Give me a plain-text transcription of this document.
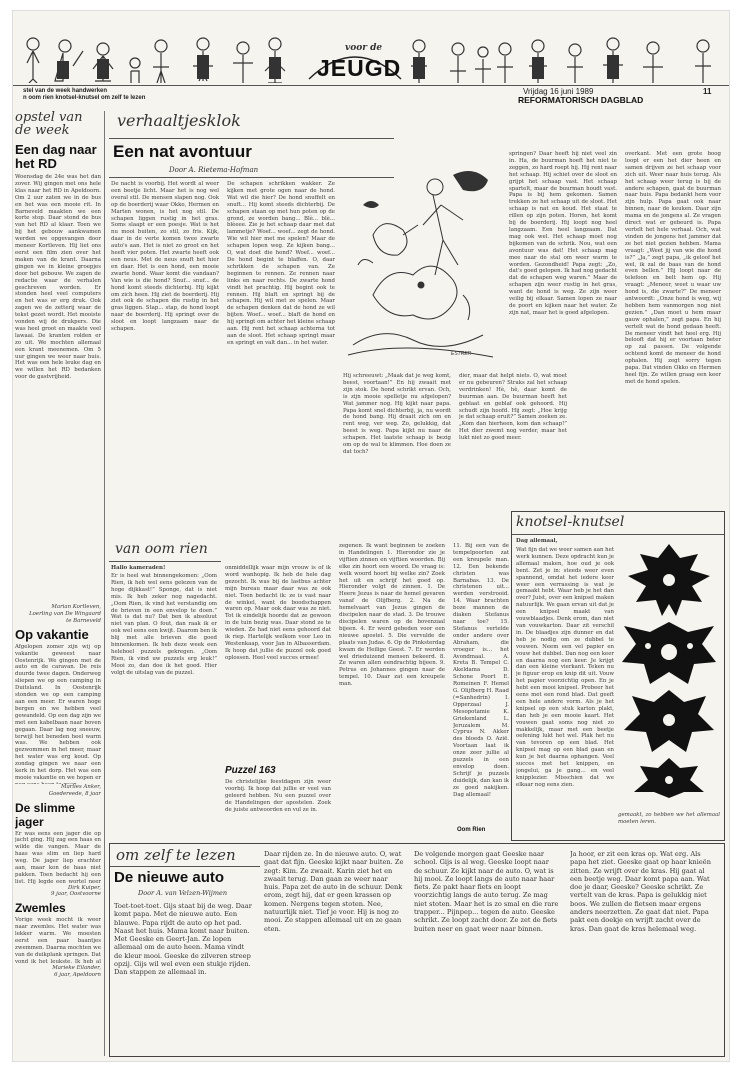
voor de
JEUGD
stel van de week handwerken
n oom rien knotsel-knutsel om zelf te lezen
Vrijdag 16 juni 1989	11
REFORMATORISCH DAGBLAD
opstel van de week
Een dag naar het RD
Woensdag de 24e was het dan zover. Wij gingen met ons hele klas naar het RD in Apeldoorn. Om 2 uur zaten we in de bus en het was een mooie rit. In Barneveld maakten we een korte stop. Daar stond de bus van het RD al klaar. Toen we bij het gebouw aankwamen werden we opgevangen door meneer Kortleven. Hij liet ons eerst een film zien over het maken van de krant. Daarna gingen we in kleine groepjes door het gebouw. We zagen de redactie waar de verhalen geschreven worden. Er stonden heel veel computers en het was er erg druk. Ook zagen we de zetterij waar de tekst gezet wordt. Het mooiste vonden wij de drukpers. Die was heel groot en maakte veel lawaai. De kranten rolden er zo uit. We mochten allemaal een krant meenemen. Om 5 uur gingen we weer naar huis. Het was een hele leuke dag en we willen het RD bedanken voor de gastvrijheid.
Marian Kortleven,
Loerling van De Wingaard
te Barneveld
Op vakantie
Afgelopen zomer zijn wij op vakantie geweest naar Oostenrijk. We gingen met de auto en de caravan. De reis duurde twee dagen. Onderweg sliepen we op een camping in Duitsland. In Oostenrijk stonden we op een camping aan een meer. Er waren hoge bergen en we hebben veel gewandeld. Op een dag zijn we met een kabelbaan naar boven gegaan. Daar lag nog sneeuw, terwijl het beneden heel warm was. We hebben ook gezwommen in het meer, maar het water was erg koud. Op zondag gingen we naar een kerk in het dorp. Het was een mooie vakantie en we hopen er
Marlies Anker,
Goedereede, 8 jaar
De slimme jager
Er was eens een jager die op jacht ging. Hij zag een haas en wilde die vangen. Maar de haas was slim en liep hard weg. De jager liep erachter aan, maar kon de haas niet pakken. Toen bedacht hij een list. Hij legde een wortel neer
Dirk Kuiper,
9 jaar, Oostvoorne
Zwemles
Vorige week mocht ik weer naar zwemles. Het water was lekker warm. We moesten eerst een paar baantjes zwemmen. Daarna mochten we van de duikplank springen. Dat vond ik het leukste. Ik heb al
Marieke Eilander,
6 jaar, Apeldoorn
verhaaltjesklok
Een nat avontuur
Door A. Rietema-Hofman
De nacht is voorbij. Het wordt al weer een beetje licht. Maar het is nog wel overal stil. De mensen slapen nog. Ook op de boerderij waar Okko, Hermen en Marten wonen, is het nog stil. De schapen liggen rustig in het gras. Soms slaapt er een poesje. Wat is het nu mooi buiten, zo stil, zo fris. Kijk, daar in de verte komen twee zwarte auto's aan. Het is niet zo groot en het heeft vier poten. Het zwarte heeft ook een neus. Met de neus snuft het hier en daar. Het is een hond, een mooie zwarte hond. Waar komt die vandaan? Van wie is die hond? Snuf... snuf... de hond komt steeds dichterbij. Hij kijkt om zich heen. Hij ziet de boerderij. Hij ziet ook de schapen die rustig in het gras liggen. Stap... stap, de hond loopt naar de boerderij. Hij springt over de sloot en loopt langzaam naar de schapen.
De schapen schrikken wakker. Ze kijken met grote ogen naar de hond. Wat wil die hier? De hond snuffelt en snuft... Hij komt steeds dichterbij. De schapen staan op met hun poten op de grond, ze worden bang... Blè... blè... blèeee. Zie je het schaap daar met dat lammetje? Woef... woef... zegt de hond. Wie wil hier met me spelen? Maar de schapen lopen weg. Ze kijken bang... O, wat doet die hond? Woef... woef... De hond begint te blaffen. O, daar schrikken de schapen van. Ze beginnen te rennen. Ze rennen naar links en naar rechts. De zwarte hond vindt het prachtig. Hij begint ook te rennen. Hij blaft en springt bij de schapen. Hij wil met ze spelen. Maar de schapen denken dat de hond ze wil bijten. Woef... woef... blaft de hond en hij springt om achter het kleine schaap aan. Hij rent het schaap achterna tot aan de sloot. Het schaap springt maar en springt en valt dan... in het water.
ESTRER
Hij schreeuwt: „Maak dat je weg komt, beest, voortaan!” En hij zwaait met zijn stok. De hond schrikt ervan. Och, is zijn mooie spelletje nu afgelopen? Wat jammer nog. Hij kijkt naar papa. Papa komt snel dichterbij, ja, nu wordt de hond bang. Hij draait zich om en rent weg, ver weg. Zo, gelukkig, dat beest is weg. Papa kijkt nu naar de schapen. Het laatste schaap is bezig om op de wal te klimmen. Hoe doen ze dat toch?
dier, maar dat helpt niets. O, wat moet er nu gebeuren? Straks zal het schaap verdrinken! Hè, hè, daar komt de buurman aan. De buurman heeft het geblaat en geblaf ook gehoord. Hij schudt zijn hoofd. Hij zegt: „Hoe krijg je dat schaap eruit?” Samen zoeken ze. „Kom dan hierheen, kom dan schaap!” Het dier zwemt nog verder, maar het lukt niet zo goed meer.
springen? Daar heeft hij niet veel zin in. Ha, de buurman hoeft het niet te zeggen, zo hard roept hij. Hij rent naar het schaap. Hij schiet over de sloot en grijpt het schaap vast. Het schaap spartelt, maar de buurman houdt vast. Papa is bij hem gekomen. Samen trekken ze het schaap uit de sloot. Het schaap is nat en koud. Het staat te rillen op zijn poten. Horen, het komt bij de boerderij. Hij loopt nog heel langzaam. Een heel langzaam. Dat mag ook wel. Het schaap moet nog bijkomen van de schrik. Nou, wat een avontuur was dat! Het schaap mag mee naar de stal om weer warm te worden. Gezondheid! Papa zegt: „Zo, dat's goed gelopen. Ik had nog gedacht dat de schapen weg waren.” Maar de schapen zijn weer rustig in het gras, want de hond is weg. Ze zijn weer veilig bij elkaar. Samen lopen ze naar de poort en kijken naar het water. Ze zijn nat, maar het is goed afgelopen.
overkant. Met een grote boog loopt er een het dier heen en samen drijven ze het schaap voor zich uit. Weer naar huis terug. Als het schaap weer terug is bij de andere schapen, gaat de buurman naar huis. Papa bedankt hem voor zijn hulp. Papa gaat ook naar binnen, naar de keuken. Daar zijn mama en de jongens al. Ze vragen direct wat er gebeurd is. Papa vertelt het hele verhaal. Och, wat vinden de jongens het jammer dat ze het niet gezien hebben. Mama vraagt: „Weet jij van wie die hond is?” „Ja,” zegt papa, „ik geloof het wel, ik zal de baas van de hond even bellen.” Hij loopt naar de telefoon en belt hem op. Hij vraagt: „Meneer, weet u waar uw hond is, die zwarte?” De meneer antwoordt: „Onze hond is weg, wij hebben hem vanmorgen nog niet gezien.” „Dan moet u hem maar gauw ophalen,” zegt papa. En hij vertelt wat de hond gedaan heeft. De meneer vindt het heel erg. Hij belooft dat hij er voortaan beter op zal passen. De volgende ochtend komt de meneer de hond ophalen. Hij zegt sorry tegen papa. Dat vinden Okko en Hermen heel fijn. Ze willen graag een keer met de hond spelen.
knotsel-knutsel
Dag allemaal,
Wat fijn dat we weer samen aan het werk kunnen. Deze opdracht kun je allemaal maken, hoe oud je ook bent. Zet je in: steeds weer even spannend, omdat het iedere keer weer een verrassing is wat je gemaakt hebt. Waar heb je het dan over? Juist, over een knipsel maken natuurlijk. We gaan ervan uit dat je een knipsel maakt van vouwblaadjes. Denk erom, dan niet van vouwkarton. Daar zit verschil in. De blaadjes zijn dunner en dat heb je nodig om ze dubbel te vouwen. Neem een vel papier en vouw het dubbel. Dan nog een keer en daarna nog een keer. Je krijgt dan een kleine vierkant. Teken nu je figuur erop en knip dit uit. Vouw het papier voorzichtig open. En je hebt een mooi knipsel. Probeer het eens met een rond blad. Dat geeft een hele andere vorm. Als je het knipsel op een stuk karton plakt, dan heb je een mooie kaart. Het vouwen gaat soms nog niet zo makkelijk, maar met een beetje oefening lukt het wel. Plak het nu van tevoren op een blad. Het knipsel mag op een blad gaan en kun je het daarna ophangen. Veel succes met het knippen, en jongelui, ga je gang... en veel knipplezier. Misschien dat we elkaar nog eens zien.
gemaakt, zo hebben we het allemaal moeten leren.
van oom rien
Hallo kameraden!
Er is heel wat binnengekomen: „Oom Rien, ik heb wel eens gelezen van de hoge dijkkast!” Sponge, dat is niet mis. Ik heb zeker nog nagedacht. „Oom Rien, ik vind het verstandig om de brieven in een envelop te doen.” Wat is dat nu? Dat ben ik absoluut niet van plan. O fout, dan raak ik er ook wel eens een kwijt. Daarom ben ik blij met alle brieven die goed binnenkomen. Ik heb deze week een heleboel puzzels gekregen. „Oom Rien, ik vind uw puzzels erg leuk!” Mooi zo, dan doe ik het goed. Hier volgt de uitslag van de puzzel.
onmiddellijk waar mijn vrouw is of ik word wanhopig. Ik heb de hele dag gezocht. Ik was bij de lastbus achter mijn bureau maar daar was ze ook niet. Toen bedacht ik: ze is vast naar de winkel, want de boodschappen waren op. Maar ook daar was ze niet. Tot ik eindelijk hoorde dat ze gewoon in de tuin bezig was. Daar stond ze te wieden. Ze had niet eens gehoord dat ik riep. Hartelijk welkom voor Leo in Westenkaap, voor Jan in Albasserdam. Ik hoop dat jullie de puzzel ook goed oplossen. Heel veel succes ermee!
Puzzel 163
De christelijke feestdagen zijn weer voorbij. Ik hoop dat jullie er veel van geleerd hebben. Nu een puzzel over de Handelingen der apostelen. Zoek de juiste antwoorden en vul ze in.
zegenen. Ik want beginnen te zoeken in Handelingen 1. Hierondor zie je vijftien zinnen en vijftien woorden. Bij elke zin hoort een woord. De vraag is: welk woord hoort bij welke zin? Zoek het uit en schrijf het goed op. Hieronder volgt de zinnen. 1. De Heere Jezus is naar de hemel gevaren vanaf de Olijfberg. 2. Na de hemelvaart van Jezus gingen de discipelen naar de stad. 3. De trouwe discipelen waren op de bovenzaal bijeen. 4. Er werd gebeden voor een nieuwe apostel. 5. Die vervulde de plaats van Judas. 6. Op de Pinksterdag kwam de Heilige Geest. 7. Er werden wel drieduizend mensen bekeerd. 8. Ze waren allen eendrachtig bijeen. 9. Petrus en Johannes gingen naar de tempel. 10. Daar zat een kreupele man.
11. Bij een van de tempelpoorten zat een kreupele man. 12. Een bekende christen was Barnabas. 13. De christenen uit... werden verstrooid. 14. Waar brachten boze mannen de diaken Stefanus naar toe? 15. Stefanus vertelde onder andere over Abraham, die vroeger is... het Avondmaal. A. Kreta B. Tempel C. Akeldama D. Schone Poort E. Romeinen F. Hemel G. Olijfberg H. Raad (=Sanhedrin) I. Opperzaal J. Mesopotamie K. Griekenland L. Jeruzalem M. Cyprus N. Akker des bloeds O. Azië. Voortaan laat ik onze zeer jullie al puzzels in een envelop doen. Schrijf je puzzels duidelijk, dan kan ik ze goed nakijken. Dag allemaal!
Oom Rien
om zelf te lezen
De nieuwe auto
Door A. van Velzen-Wijmen
Toet-toet-toet. Gijs staat bij de weg. Daar komt papa. Met de nieuwe auto. Een blauwe. Papa rijdt de auto op het pad. Naast het huis. Mama komt naar buiten. Met Geeske en Geert-Jan. Ze lopen allemaal om de auto heen. Mama vindt de kleur mooi. Geeske de zilveren streep opzij. Gijs wil wel even een stukje rijden. Dan stappen ze allemaal in.
Daar rijden ze. In de nieuwe auto. O, wat gaat dat fijn. Geeske kijkt naar buiten. Ze zegt: Kim. Ze zwaait. Karin ziet het en zwaait terug. Dan gaan ze weer naar huis. Papa zet de auto in de schuur. Denk erom, zegt hij, dat er geen krassen op komen. Nergens tegen stoten. Nee, natuurlijk niet. Tief je voor. Hij is nog zo mooi. Ze stappen allemaal uit en ze gaan eten.
De volgende morgen gaat Geeske naar school. Gijs is al weg. Geeske loopt naar de schuur. Ze kijkt naar de auto. O, wat is hij mooi. Ze loopt langs de auto naar haar fiets. Ze pakt haar fiets en loopt voorzichtig langs de auto terug. Ze mag niet stoten. Maar het is zo smal en die rare trapper... Pijnpep... tegen de auto. Geeske schrikt. Ze loopt zacht door. Ze zet de fiets buiten neer en gaat weer naar binnen.
Ja hoor, er zit een kras op. Wat erg. Als papa het ziet. Geeske gaat op haar knieën zitten. Ze wrijft over de kras. Hij gaat al een beetje weg. Daar komt papa aan. Wat doe je daar, Geeske? Geeske schrikt. Ze vertelt van de kras. Papa is gelukkig niet boos. We zullen de fietsen maar ergens anders neerzetten. Ze gaat dat niet. Papa pakt een doekje en wrijft zacht over de kras. Dan gaat de kras helemaal weg.
